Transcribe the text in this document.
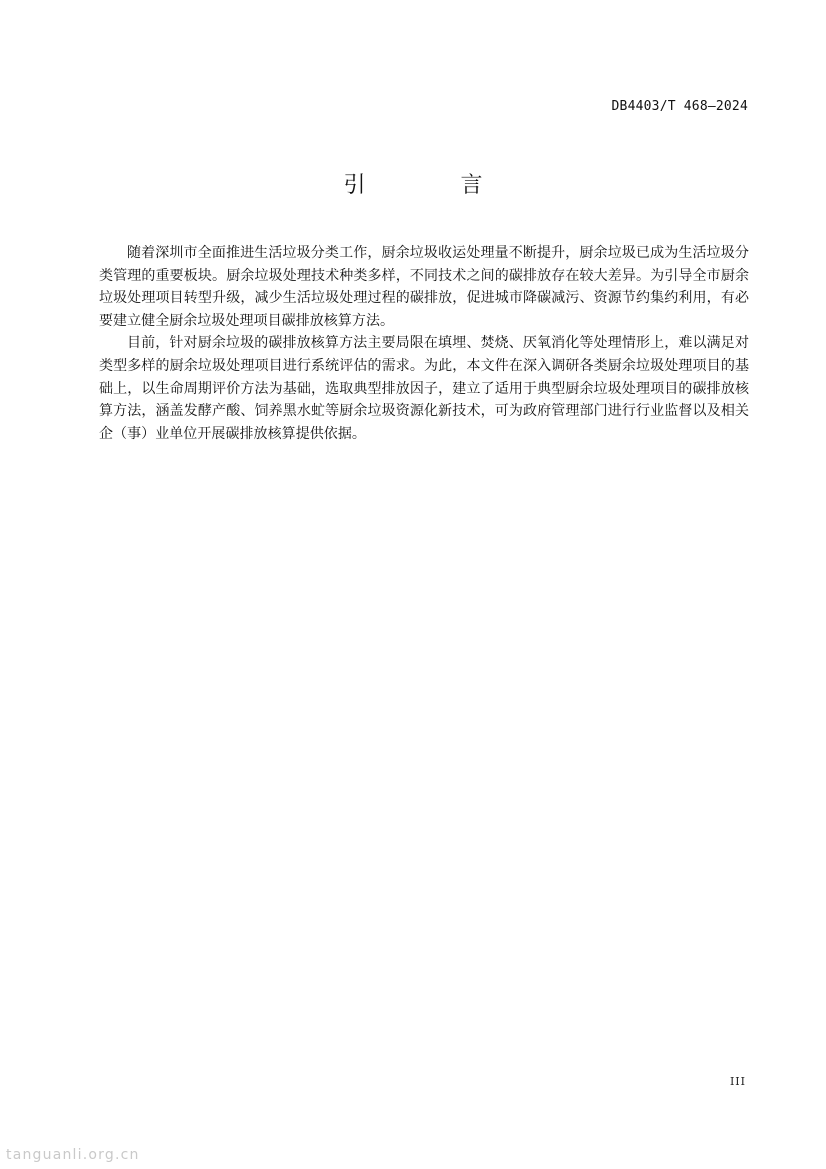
DB4403/T 468—2024
引 言

随着深圳市全面推进生活垃圾分类工作，厨余垃圾收运处理量不断提升，厨余垃圾已成为生活垃圾分类管理的重要板块。厨余垃圾处理技术种类多样，不同技术之间的碳排放存在较大差异。为引导全市厨余垃圾处理项目转型升级，减少生活垃圾处理过程的碳排放，促进城市降碳减污、资源节约集约利用，有必要建立健全厨余垃圾处理项目碳排放核算方法。

目前，针对厨余垃圾的碳排放核算方法主要局限在填埋、焚烧、厌氧消化等处理情形上，难以满足对类型多样的厨余垃圾处理项目进行系统评估的需求。为此，本文件在深入调研各类厨余垃圾处理项目的基础上，以生命周期评价方法为基础，选取典型排放因子，建立了适用于典型厨余垃圾处理项目的碳排放核算方法，涵盖发酵产酸、饲养黑水虻等厨余垃圾资源化新技术，可为政府管理部门进行行业监督以及相关企（事）业单位开展碳排放核算提供依据。

III
tanguanli.org.cn
